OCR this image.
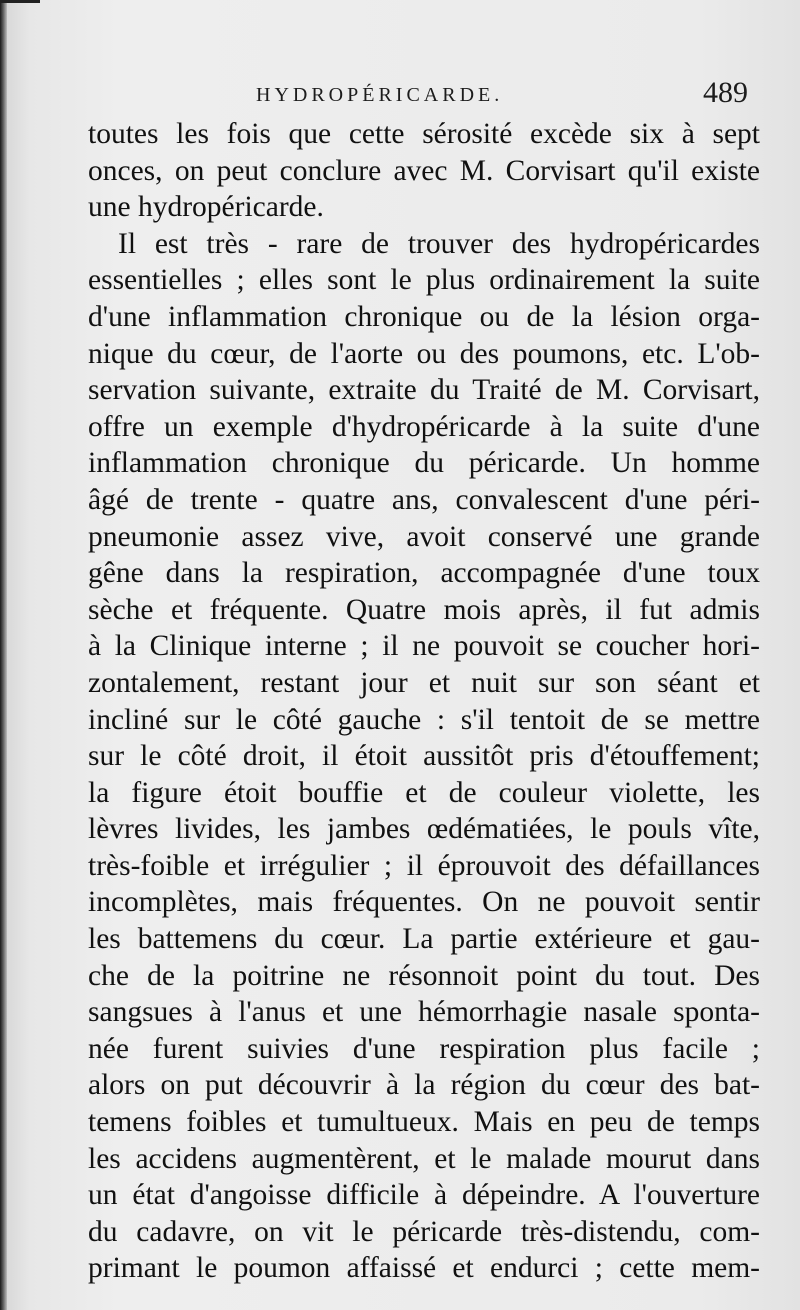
HYDROPÉRICARDE.	489
toutes les fois que cette sérosité excède six à sept
onces, on peut conclure avec M. Corvisart qu'il existe
une hydropéricarde.
Il est très - rare de trouver des hydropéricardes
essentielles ; elles sont le plus ordinairement la suite
d'une inflammation chronique ou de la lésion orga-
nique du cœur, de l'aorte ou des poumons, etc. L'ob-
servation suivante, extraite du Traité de M. Corvisart,
offre un exemple d'hydropéricarde à la suite d'une
inflammation chronique du péricarde. Un homme
âgé de trente - quatre ans, convalescent d'une péri-
pneumonie assez vive, avoit conservé une grande
gêne dans la respiration, accompagnée d'une toux
sèche et fréquente. Quatre mois après, il fut admis
à la Clinique interne ; il ne pouvoit se coucher hori-
zontalement, restant jour et nuit sur son séant et
incliné sur le côté gauche : s'il tentoit de se mettre
sur le côté droit, il étoit aussitôt pris d'étouffement;
la figure étoit bouffie et de couleur violette, les
lèvres livides, les jambes œdématiées, le pouls vîte,
très-foible et irrégulier ; il éprouvoit des défaillances
incomplètes, mais fréquentes. On ne pouvoit sentir
les battemens du cœur. La partie extérieure et gau-
che de la poitrine ne résonnoit point du tout. Des
sangsues à l'anus et une hémorrhagie nasale sponta-
née furent suivies d'une respiration plus facile ;
alors on put découvrir à la région du cœur des bat-
temens foibles et tumultueux. Mais en peu de temps
les accidens augmentèrent, et le malade mourut dans
un état d'angoisse difficile à dépeindre. A l'ouverture
du cadavre, on vit le péricarde très-distendu, com-
primant le poumon affaissé et endurci ; cette mem-
